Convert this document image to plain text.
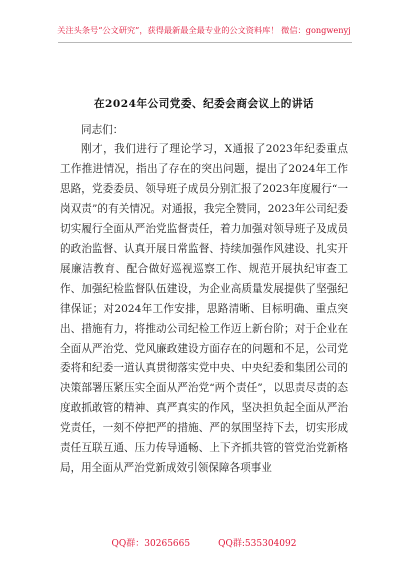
关注头条号“公文研究”，获得最新最全最专业的公文资料库！ 微信：gongwenyj
在2024年公司党委、纪委会商会议上的讲话
同志们：

刚才，我们进行了理论学习，X通报了2023年纪委重点工作推进情况，指出了存在的突出问题，提出了2024年工作思路，党委委员、领导班子成员分别汇报了2023年度履行“一岗双责”的有关情况。对通报，我完全赞同，2023年公司纪委切实履行全面从严治党监督责任，着力加强对领导班子及成员的政治监督、认真开展日常监督、持续加强作风建设、扎实开展廉洁教育、配合做好巡视巡察工作、规范开展执纪审查工作、加强纪检监督队伍建设，为企业高质量发展提供了坚强纪律保证；对2024年工作安排，思路清晰、目标明确、重点突出、措施有力，将推动公司纪检工作迈上新台阶；对于企业在全面从严治党、党风廉政建设方面存在的问题和不足，公司党委将和纪委一道认真贯彻落实党中央、中央纪委和集团公司的决策部署压紧压实全面从严治党“两个责任”，以思责尽责的态度敢抓敢管的精神、真严真实的作风，坚决担负起全面从严治党责任，一刻不停把严的措施、严的氛围坚持下去，切实形成责任互联互通、压力传导通畅、上下齐抓共管的管党治党新格局，用全面从严治党新成效引领保障各项事业

QQ群：30265665	QQ群:535304092
